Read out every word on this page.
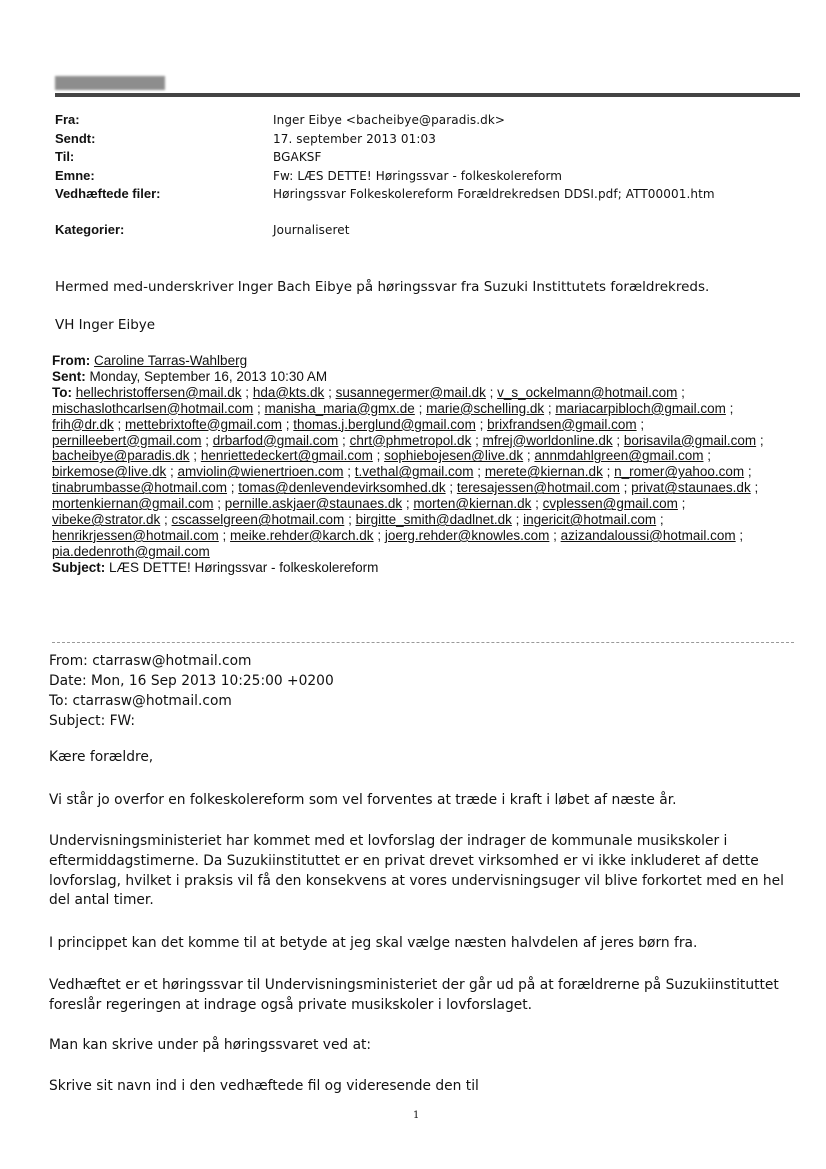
Fra:	Inger Eibye <bacheibye@paradis.dk>
Sendt:	17. september 2013 01:03
Til:	BGAKSF
Emne:	Fw: LÆS DETTE! Høringssvar - folkeskolereform
Vedhæftede filer:	Høringssvar Folkeskolereform Forældrekredsen DDSI.pdf; ATT00001.htm
Kategorier:	Journaliseret
Hermed med-underskriver Inger Bach Eibye på høringssvar fra Suzuki Instittutets forældrekreds.
VH Inger Eibye
From: Caroline Tarras-Wahlberg
Sent: Monday, September 16, 2013 10:30 AM
To: hellechristoffersen@mail.dk ; hda@kts.dk ; susannegermer@mail.dk ; v_s_ockelmann@hotmail.com ; mischaslothcarlsen@hotmail.com ; manisha_maria@gmx.de ; marie@schelling.dk ; mariacarpibloch@gmail.com ; frih@dr.dk ; mettebrixtofte@gmail.com ; thomas.j.berglund@gmail.com ; brixfrandsen@gmail.com ; pernilleebert@gmail.com ; drbarfod@gmail.com ; chrt@phmetropol.dk ; mfrej@worldonline.dk ; borisavila@gmail.com ; bacheibye@paradis.dk ; henriettedeckert@gmail.com ; sophiebojesen@live.dk ; annmdahlgreen@gmail.com ; birkemose@live.dk ; amviolin@wienertrioen.com ; t.vethal@gmail.com ; merete@kiernan.dk ; n_romer@yahoo.com ; tinabrumbasse@hotmail.com ; tomas@denlevendevirksomhed.dk ; teresajessen@hotmail.com ; privat@staunaes.dk ; mortenkiernan@gmail.com ; pernille.askjaer@staunaes.dk ; morten@kiernan.dk ; cvplessen@gmail.com ; vibeke@strator.dk ; cscasselgreen@hotmail.com ; birgitte_smith@dadlnet.dk ; ingericit@hotmail.com ; henrikrjessen@hotmail.com ; meike.rehder@karch.dk ; joerg.rehder@knowles.com ; azizandaloussi@hotmail.com ; pia.dedenroth@gmail.com
Subject: LÆS DETTE! Høringssvar - folkeskolereform
From: ctarrasw@hotmail.com
Date: Mon, 16 Sep 2013 10:25:00 +0200
To: ctarrasw@hotmail.com
Subject: FW:
Kære forældre,
Vi står jo overfor en folkeskolereform som vel forventes at træde i kraft i løbet af næste år.
Undervisningsministeriet har kommet med et lovforslag der indrager de kommunale musikskoler i
eftermiddagstimerne. Da Suzukiinstituttet er en privat drevet virksomhed er vi ikke inkluderet af dette
lovforslag, hvilket i praksis vil få den konsekvens at vores undervisningsuger vil blive forkortet med en hel
del antal timer.
I princippet kan det komme til at betyde at jeg skal vælge næsten halvdelen af jeres børn fra.
Vedhæftet er et høringssvar til Undervisningsministeriet der går ud på at forældrerne på Suzukiinstituttet
foreslår regeringen at indrage også private musikskoler i lovforslaget.
Man kan skrive under på høringssvaret ved at:
Skrive sit navn ind i den vedhæftede fil og videresende den til
1
